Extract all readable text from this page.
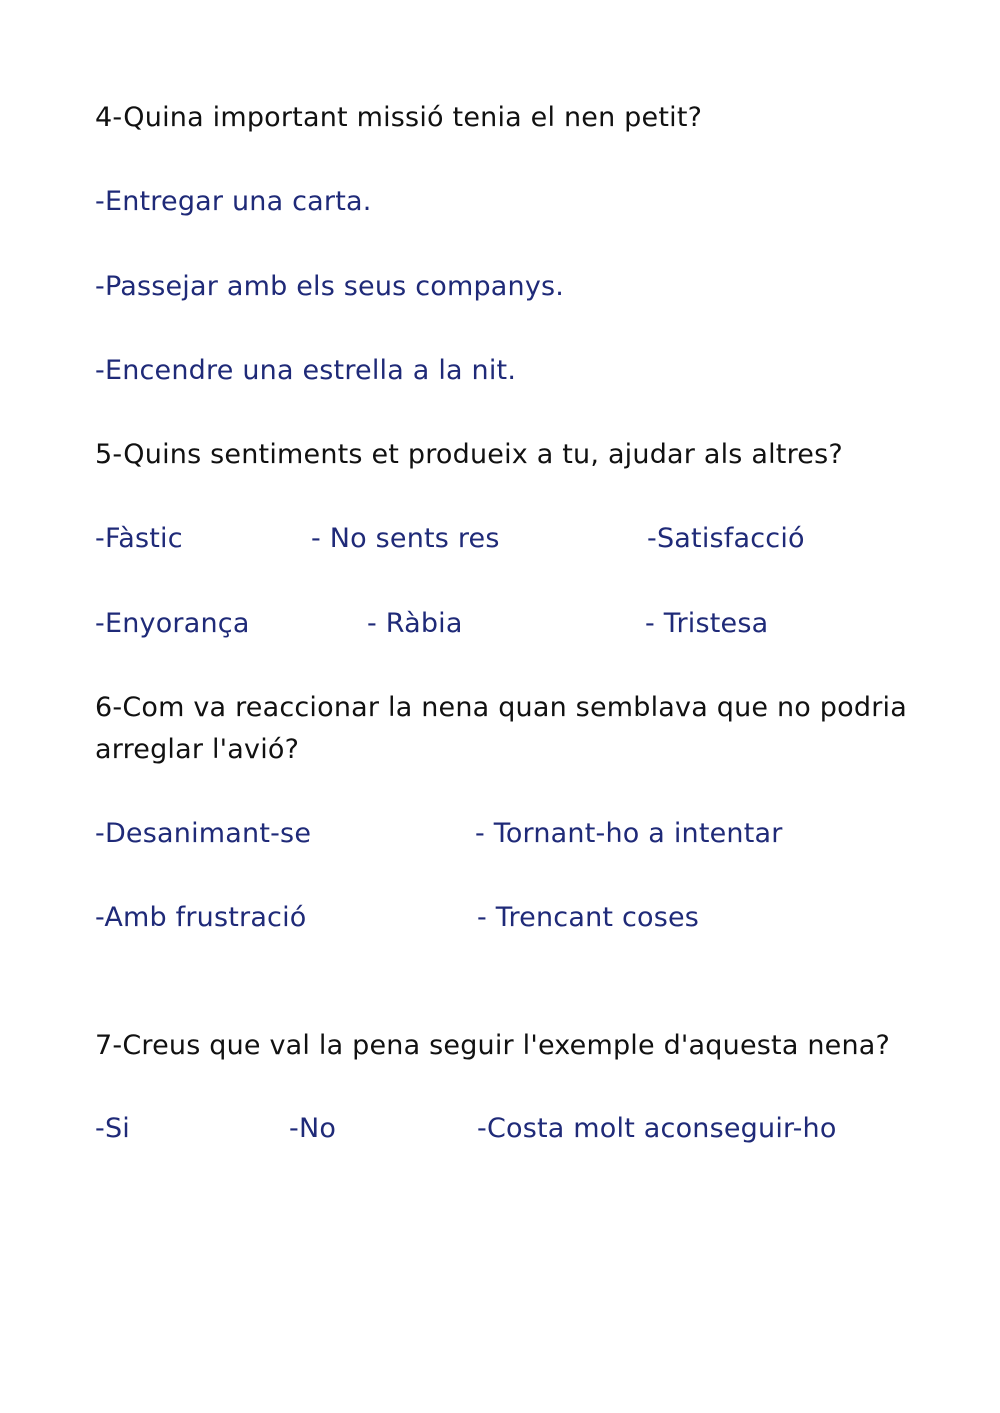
4-Quina important missió tenia el nen petit?
-Entregar una carta.
-Passejar amb els seus companys.
-Encendre una estrella a la nit.
5-Quins sentiments et produeix a tu, ajudar als altres?
-Fàstic	- No sents res	-Satisfacció
-Enyorança	- Ràbia	- Tristesa
6-Com va reaccionar la nena quan semblava que no podria
arreglar l'avió?
-Desanimant-se	- Tornant-ho a intentar
-Amb frustració	- Trencant coses
7-Creus que val la pena seguir l'exemple d'aquesta nena?
-Si	-No	-Costa molt aconseguir-ho
